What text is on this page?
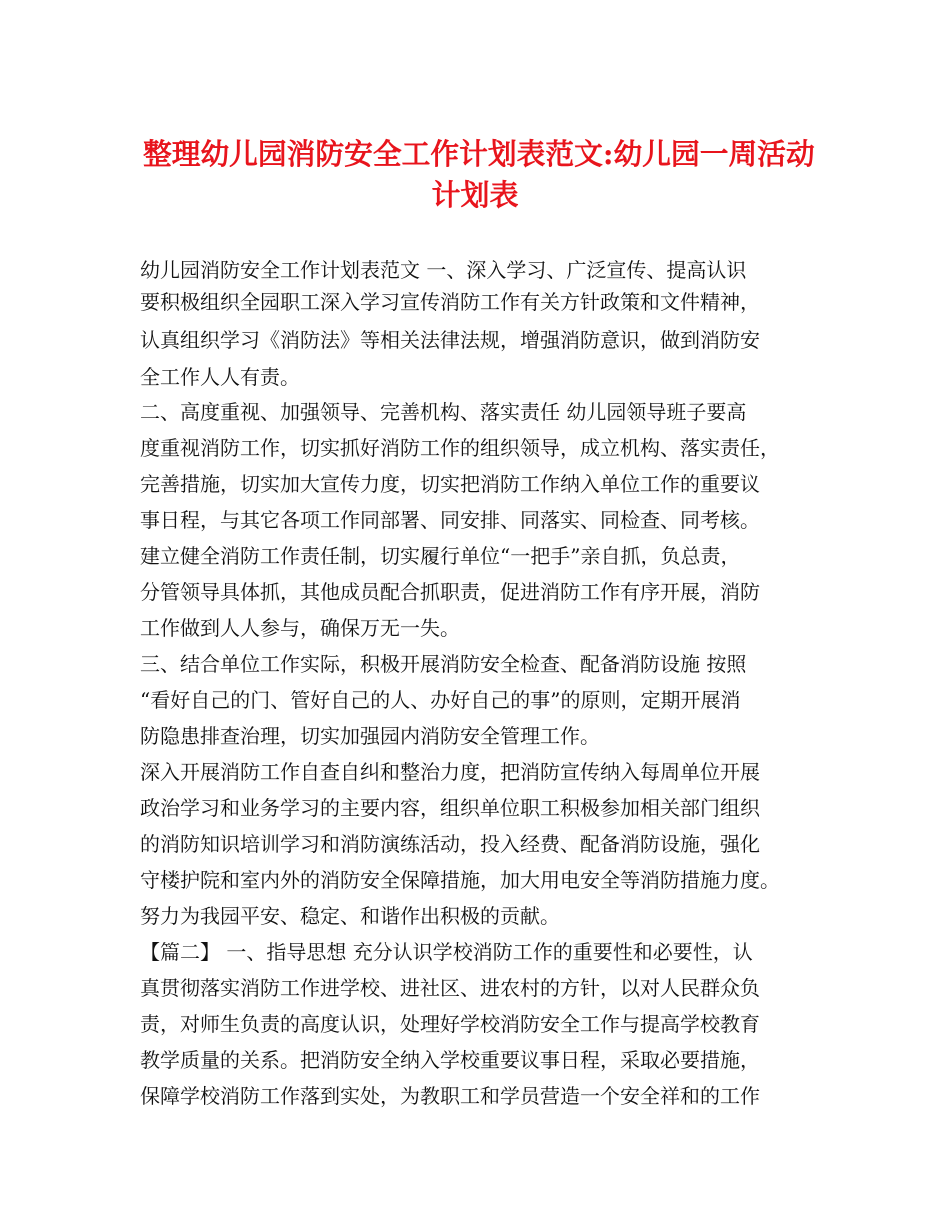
整理幼儿园消防安全工作计划表范文:幼儿园一周活动
计划表
幼儿园消防安全工作计划表范文 一、深入学习、广泛宣传、提高认识
要积极组织全园职工深入学习宣传消防工作有关方针政策和文件精神，
认真组织学习《消防法》等相关法律法规，增强消防意识，做到消防安
全工作人人有责。
二、高度重视、加强领导、完善机构、落实责任 幼儿园领导班子要高
度重视消防工作，切实抓好消防工作的组织领导，成立机构、落实责任，
完善措施，切实加大宣传力度，切实把消防工作纳入单位工作的重要议
事日程，与其它各项工作同部署、同安排、同落实、同检查、同考核。
建立健全消防工作责任制，切实履行单位“一把手”亲自抓，负总责，
分管领导具体抓，其他成员配合抓职责，促进消防工作有序开展，消防
工作做到人人参与，确保万无一失。
三、结合单位工作实际，积极开展消防安全检查、配备消防设施 按照
“看好自己的门、管好自己的人、办好自己的事”的原则，定期开展消
防隐患排查治理，切实加强园内消防安全管理工作。
深入开展消防工作自查自纠和整治力度，把消防宣传纳入每周单位开展
政治学习和业务学习的主要内容，组织单位职工积极参加相关部门组织
的消防知识培训学习和消防演练活动，投入经费、配备消防设施，强化
守楼护院和室内外的消防安全保障措施，加大用电安全等消防措施力度。
努力为我园平安、稳定、和谐作出积极的贡献。
【篇二】 一、指导思想 充分认识学校消防工作的重要性和必要性，认
真贯彻落实消防工作进学校、进社区、进农村的方针，以对人民群众负
责，对师生负责的高度认识，处理好学校消防安全工作与提高学校教育
教学质量的关系。把消防安全纳入学校重要议事日程，采取必要措施，
保障学校消防工作落到实处，为教职工和学员营造一个安全祥和的工作
